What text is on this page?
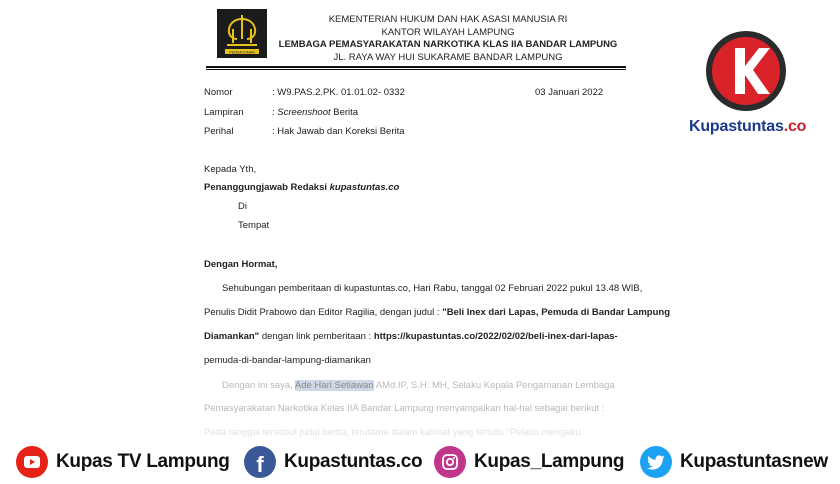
PENGAYOMAN
KEMENTERIAN HUKUM DAN HAK ASASI MANUSIA RI
KANTOR WILAYAH LAMPUNG
LEMBAGA PEMASYARAKATAN NARKOTIKA KLAS IIA BANDAR LAMPUNG
JL. RAYA WAY HUI SUKARAME BANDAR LAMPUNG
Nomor	: W9.PAS.2.PK. 01.01.02- 0332	03 Januari 2022
Lampiran	: Screenshoot Berita
Perihal	: Hak Jawab dan Koreksi Berita
Kepada Yth,
Penanggungjawab Redaksi kupastuntas.co
Di
Tempat
Dengan Hormat,
Sehubungan pemberitaan di kupastuntas.co, Hari Rabu, tanggal 02 Februari 2022 pukul 13.48 WIB,
Penulis Didit Prabowo dan Editor Ragilia, dengan judul : "Beli Inex dari Lapas, Pemuda di Bandar Lampung
Diamankan" dengan link pemberitaan : https://kupastuntas.co/2022/02/02/beli-inex-dari-lapas-
pemuda-di-bandar-lampung-diamankan
Dengan ini saya, Ade Hari Setiawan AMd.IP, S.H. MH, Selaku Kepala Pengamanan Lembaga
Pemasyarakatan Narkotika Kelas IIA Bandar Lampung menyampaikan hal-hal sebagai berikut :
Pada tanggal tersebut judul berita, terutama dalam kalimat yang tertulis "Pelaku mengaku
Kupastuntas.co
Kupas TV Lampung f Kupastuntas.co	Kupas_Lampung	Kupastuntasnew
